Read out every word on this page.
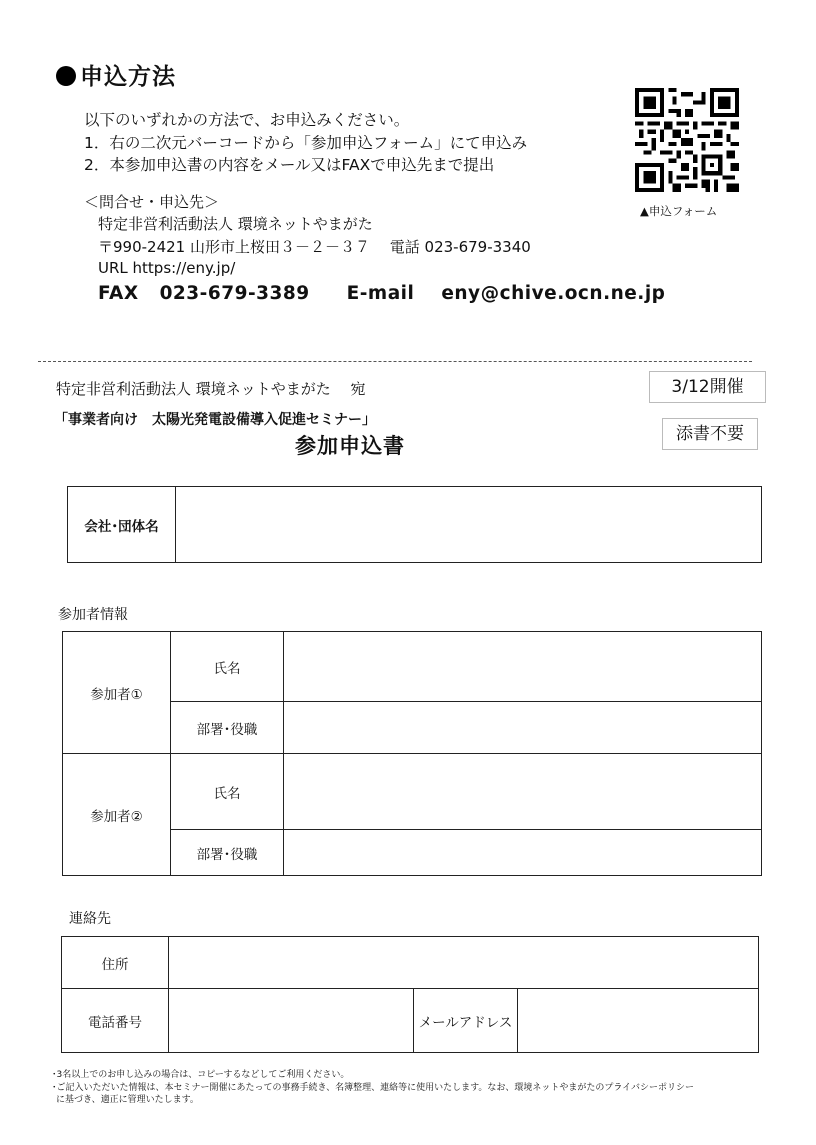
申込方法
以下のいずれかの方法で、お申込みください。
1．右の二次元バーコードから「参加申込フォーム」にて申込み
2．本参加申込書の内容をメール又はFAXで申込先まで提出
＜問合せ・申込先＞
特定非営利活動法人 環境ネットやまがた
〒990-2421 山形市上桜田３－２－３７　 電話 023-679-3340
URL https://eny.jp/
FAX 023-679-3389 E-mail eny@chive.ocn.ne.jp
▲申込フォーム
特定非営利活動法人 環境ネットやまがた　 宛	3/12開催
「事業者向け　太陽光発電設備導入促進セミナー」
添書不要
参加申込書
会社･団体名	
参加者情報
参加者①	氏名	
	部署･役職	
参加者②	氏名	
	部署･役職	
連絡先
住所			
電話番号		メールアドレス	
･3名以上でのお申し込みの場合は、コピーするなどしてご利用ください。
･ご記入いただいた情報は、本セミナー開催にあたっての事務手続き、名簿整理、連絡等に使用いたします。なお、環境ネットやまがたのプライバシーポリシー
に基づき、適正に管理いたします。
